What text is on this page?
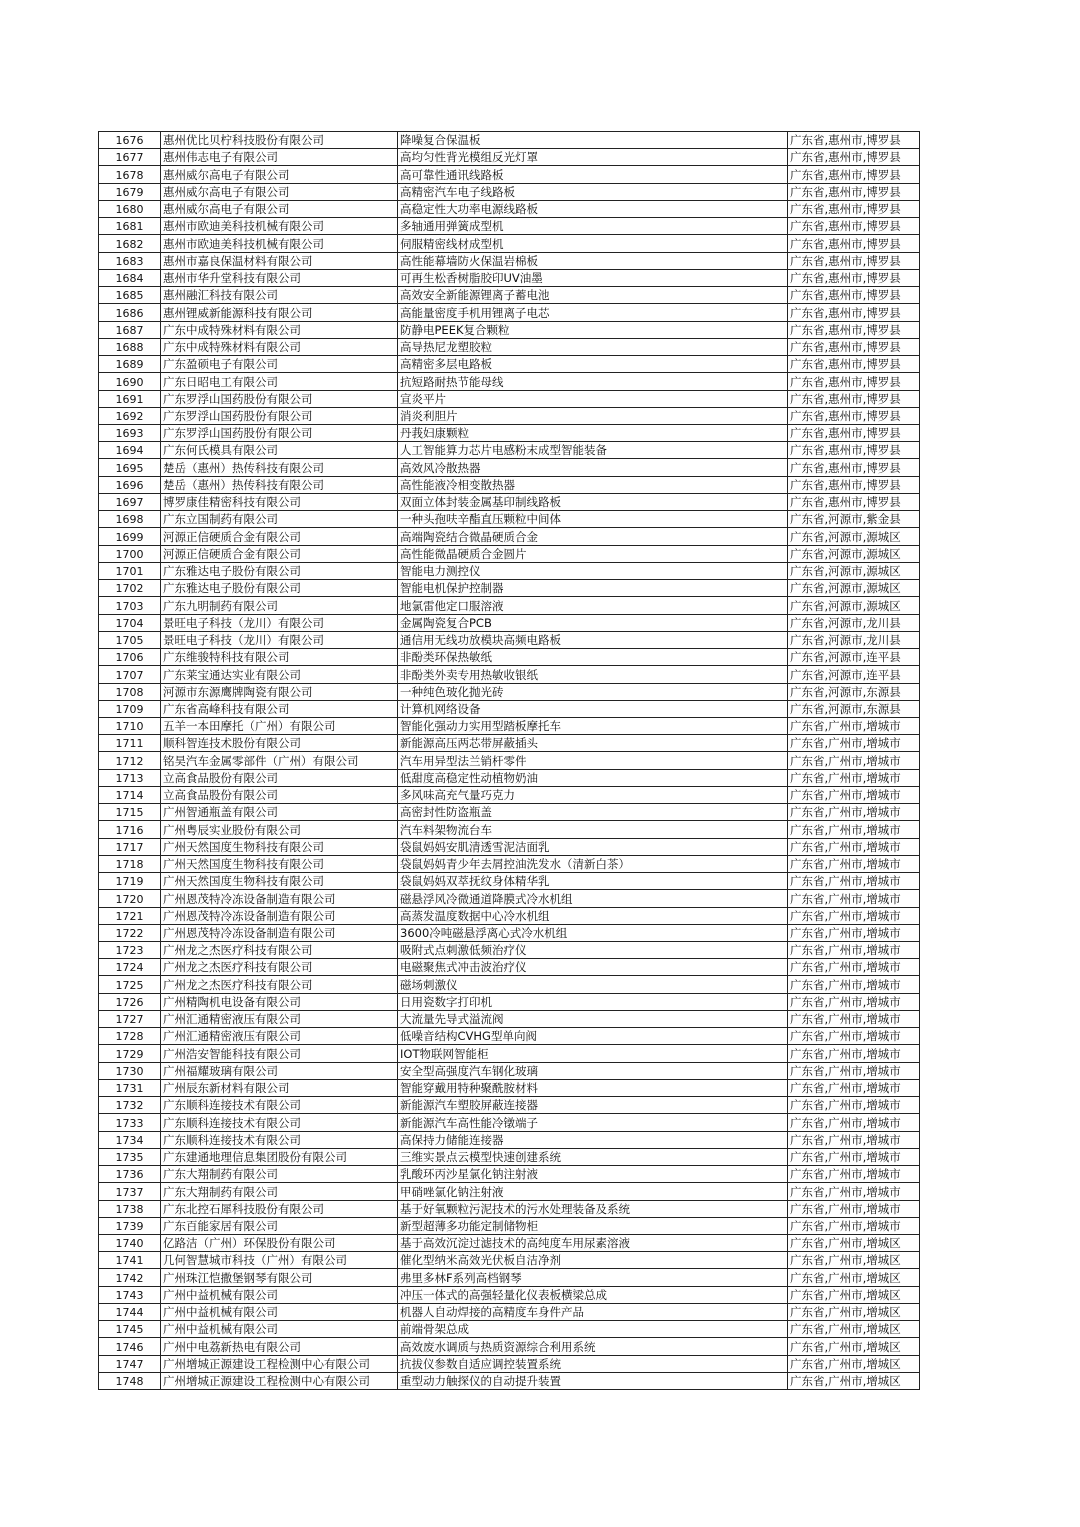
1676	惠州优比贝柠科技股份有限公司	降噪复合保温板	广东省,惠州市,博罗县
1677	惠州伟志电子有限公司	高均匀性背光模组反光灯罩	广东省,惠州市,博罗县
1678	惠州威尔高电子有限公司	高可靠性通讯线路板	广东省,惠州市,博罗县
1679	惠州威尔高电子有限公司	高精密汽车电子线路板	广东省,惠州市,博罗县
1680	惠州威尔高电子有限公司	高稳定性大功率电源线路板	广东省,惠州市,博罗县
1681	惠州市欧迪美科技机械有限公司	多轴通用弹簧成型机	广东省,惠州市,博罗县
1682	惠州市欧迪美科技机械有限公司	伺服精密线材成型机	广东省,惠州市,博罗县
1683	惠州市嘉良保温材料有限公司	高性能幕墙防火保温岩棉板	广东省,惠州市,博罗县
1684	惠州市华升堂科技有限公司	可再生松香树脂胶印UV油墨	广东省,惠州市,博罗县
1685	惠州融汇科技有限公司	高效安全新能源锂离子蓄电池	广东省,惠州市,博罗县
1686	惠州锂威新能源科技有限公司	高能量密度手机用锂离子电芯	广东省,惠州市,博罗县
1687	广东中成特殊材料有限公司	防静电PEEK复合颗粒	广东省,惠州市,博罗县
1688	广东中成特殊材料有限公司	高导热尼龙塑胶粒	广东省,惠州市,博罗县
1689	广东盈硕电子有限公司	高精密多层电路板	广东省,惠州市,博罗县
1690	广东日昭电工有限公司	抗短路耐热节能母线	广东省,惠州市,博罗县
1691	广东罗浮山国药股份有限公司	宣炎平片	广东省,惠州市,博罗县
1692	广东罗浮山国药股份有限公司	消炎利胆片	广东省,惠州市,博罗县
1693	广东罗浮山国药股份有限公司	丹莪妇康颗粒	广东省,惠州市,博罗县
1694	广东何氏模具有限公司	人工智能算力芯片电感粉末成型智能装备	广东省,惠州市,博罗县
1695	楚岳（惠州）热传科技有限公司	高效风冷散热器	广东省,惠州市,博罗县
1696	楚岳（惠州）热传科技有限公司	高性能液冷相变散热器	广东省,惠州市,博罗县
1697	博罗康佳精密科技有限公司	双面立体封装金属基印制线路板	广东省,惠州市,博罗县
1698	广东立国制药有限公司	一种头孢呋辛酯直压颗粒中间体	广东省,河源市,紫金县
1699	河源正信硬质合金有限公司	高端陶瓷结合微晶硬质合金	广东省,河源市,源城区
1700	河源正信硬质合金有限公司	高性能微晶硬质合金圆片	广东省,河源市,源城区
1701	广东雅达电子股份有限公司	智能电力测控仪	广东省,河源市,源城区
1702	广东雅达电子股份有限公司	智能电机保护控制器	广东省,河源市,源城区
1703	广东九明制药有限公司	地氯雷他定口服溶液	广东省,河源市,源城区
1704	景旺电子科技（龙川）有限公司	金属陶瓷复合PCB	广东省,河源市,龙川县
1705	景旺电子科技（龙川）有限公司	通信用无线功放模块高频电路板	广东省,河源市,龙川县
1706	广东维骏特科技有限公司	非酚类环保热敏纸	广东省,河源市,连平县
1707	广东莱宝通达实业有限公司	非酚类外卖专用热敏收银纸	广东省,河源市,连平县
1708	河源市东源鹰牌陶瓷有限公司	一种纯色玻化抛光砖	广东省,河源市,东源县
1709	广东省高峰科技有限公司	计算机网络设备	广东省,河源市,东源县
1710	五羊一本田摩托（广州）有限公司	智能化强动力实用型踏板摩托车	广东省,广州市,增城市
1711	顺科智连技术股份有限公司	新能源高压两芯带屏蔽插头	广东省,广州市,增城市
1712	铭昊汽车金属零部件（广州）有限公司	汽车用异型法兰销杆零件	广东省,广州市,增城市
1713	立高食品股份有限公司	低甜度高稳定性动植物奶油	广东省,广州市,增城市
1714	立高食品股份有限公司	多风味高充气量巧克力	广东省,广州市,增城市
1715	广州智通瓶盖有限公司	高密封性防盗瓶盖	广东省,广州市,增城市
1716	广州粤辰实业股份有限公司	汽车料架物流台车	广东省,广州市,增城市
1717	广州天然国度生物科技有限公司	袋鼠妈妈安肌清透雪泥洁面乳	广东省,广州市,增城市
1718	广州天然国度生物科技有限公司	袋鼠妈妈青少年去屑控油洗发水（清新白茶）	广东省,广州市,增城市
1719	广州天然国度生物科技有限公司	袋鼠妈妈双萃抚纹身体精华乳	广东省,广州市,增城市
1720	广州恩茂特冷冻设备制造有限公司	磁悬浮风冷微通道降膜式冷水机组	广东省,广州市,增城市
1721	广州恩茂特冷冻设备制造有限公司	高蒸发温度数据中心冷水机组	广东省,广州市,增城市
1722	广州恩茂特冷冻设备制造有限公司	3600冷吨磁悬浮离心式冷水机组	广东省,广州市,增城市
1723	广州龙之杰医疗科技有限公司	吸附式点刺激低频治疗仪	广东省,广州市,增城市
1724	广州龙之杰医疗科技有限公司	电磁聚焦式冲击波治疗仪	广东省,广州市,增城市
1725	广州龙之杰医疗科技有限公司	磁场刺激仪	广东省,广州市,增城市
1726	广州精陶机电设备有限公司	日用瓷数字打印机	广东省,广州市,增城市
1727	广州汇通精密液压有限公司	大流量先导式溢流阀	广东省,广州市,增城市
1728	广州汇通精密液压有限公司	低噪音结构CVHG型单向阀	广东省,广州市,增城市
1729	广州浩安智能科技有限公司	IOT物联网智能柜	广东省,广州市,增城市
1730	广州福耀玻璃有限公司	安全型高强度汽车钢化玻璃	广东省,广州市,增城市
1731	广州辰东新材料有限公司	智能穿戴用特种聚酰胺材料	广东省,广州市,增城市
1732	广东顺科连接技术有限公司	新能源汽车塑胶屏蔽连接器	广东省,广州市,增城市
1733	广东顺科连接技术有限公司	新能源汽车高性能冷镦端子	广东省,广州市,增城市
1734	广东顺科连接技术有限公司	高保持力储能连接器	广东省,广州市,增城市
1735	广东建通地理信息集团股份有限公司	三维实景点云模型快速创建系统	广东省,广州市,增城市
1736	广东大翔制药有限公司	乳酸环丙沙星氯化钠注射液	广东省,广州市,增城市
1737	广东大翔制药有限公司	甲硝唑氯化钠注射液	广东省,广州市,增城市
1738	广东北控石犀科技股份有限公司	基于好氧颗粒污泥技术的污水处理装备及系统	广东省,广州市,增城市
1739	广东百能家居有限公司	新型超薄多功能定制储物柜	广东省,广州市,增城市
1740	亿路洁（广州）环保股份有限公司	基于高效沉淀过滤技术的高纯度车用尿素溶液	广东省,广州市,增城区
1741	几何智慧城市科技（广州）有限公司	催化型纳米高效光伏板自洁净剂	广东省,广州市,增城区
1742	广州珠江恺撒堡钢琴有限公司	弗里多林F系列高档钢琴	广东省,广州市,增城区
1743	广州中益机械有限公司	冲压一体式的高强轻量化仪表板横梁总成	广东省,广州市,增城区
1744	广州中益机械有限公司	机器人自动焊接的高精度车身件产品	广东省,广州市,增城区
1745	广州中益机械有限公司	前端骨架总成	广东省,广州市,增城区
1746	广州中电荔新热电有限公司	高效废水调质与热质资源综合利用系统	广东省,广州市,增城区
1747	广州增城正源建设工程检测中心有限公司	抗拔仪参数自适应调控装置系统	广东省,广州市,增城区
1748	广州增城正源建设工程检测中心有限公司	重型动力触探仪的自动提升装置	广东省,广州市,增城区
